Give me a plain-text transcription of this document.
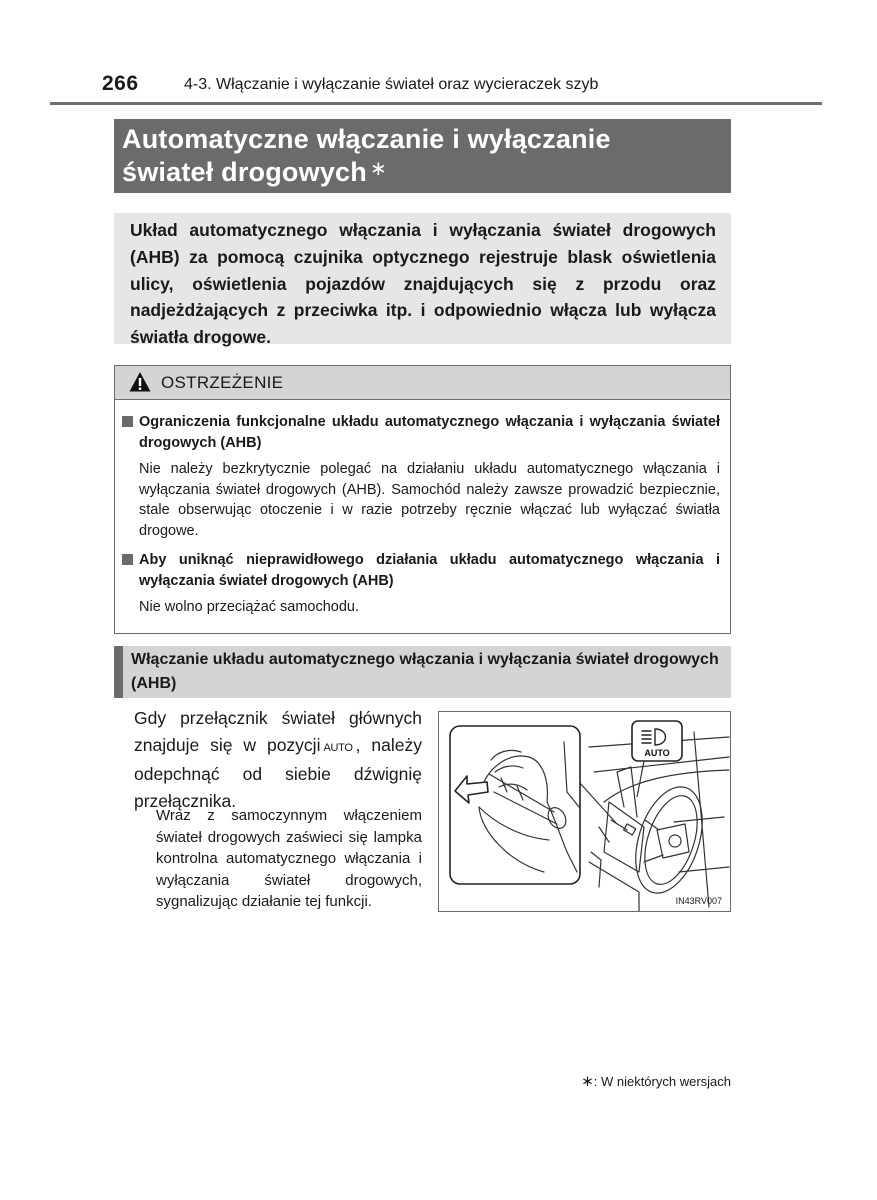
266	4-3. Włączanie i wyłączanie świateł oraz wycieraczek szyb
Automatyczne włączanie i wyłączanie
świateł drogowych ∗
Układ automatycznego włączania i wyłączania świateł drogowych (AHB) za pomocą czujnika optycznego rejestruje blask oświetlenia ulicy, oświetlenia pojazdów znajdujących się z przodu oraz nadjeżdżających z przeciwka itp. i odpowiednio włącza lub wyłącza światła drogowe.
OSTRZEŻENIE
Ograniczenia funkcjonalne układu automatycznego włączania i wyłączania świateł drogowych (AHB)
Nie należy bezkrytycznie polegać na działaniu układu automatycznego włączania i wyłączania świateł drogowych (AHB). Samochód należy zawsze prowadzić bezpiecznie, stale obserwując otoczenie i w razie potrzeby ręcznie włączać lub wyłączać światła drogowe.
Aby uniknąć nieprawidłowego działania układu automatycznego włączania i wyłączania świateł drogowych (AHB)
Nie wolno przeciążać samochodu.
Włączanie układu automatycznego włączania i wyłączania świateł drogowych (AHB)
Gdy przełącznik świateł głównych znajduje się w pozycji AUTO , należy odepchnąć od siebie dźwignię przełącznika.
Wraz z samoczynnym włączeniem świateł drogowych zaświeci się lampka kontrolna automatycznego włączania i wyłączania świateł drogowych, sygnalizując działanie tej funkcji.
AUTO
IN43RV007
∗: W niektórych wersjach
